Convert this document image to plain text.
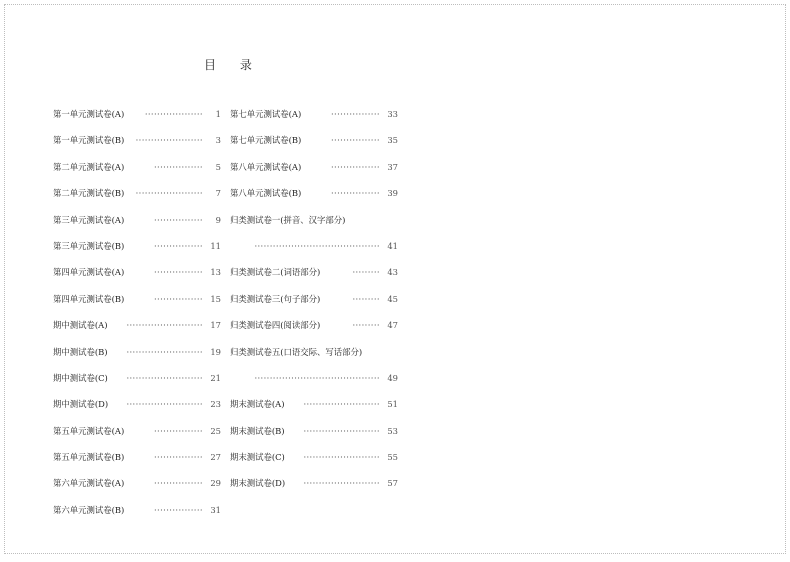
目 录
第一单元测试卷(A) ··················· 1
第一单元测试卷(B) ······················ 3
第二单元测试卷(A)	················ 5
第二单元测试卷(B) ······················ 7
第三单元测试卷(A)	················ 9
第三单元测试卷(B)	················ 11
第四单元测试卷(A)	················ 13
第四单元测试卷(B)	················ 15
期中测试卷(A) ························· 17
期中测试卷(B) ························· 19
期中测试卷(C) ························· 21
期中测试卷(D) ························· 23
第五单元测试卷(A)	················ 25
第五单元测试卷(B)	················ 27
第六单元测试卷(A)	················ 29
第六单元测试卷(B)	················ 31
第七单元测试卷(A)	················ 33
第七单元测试卷(B)	················ 35
第八单元测试卷(A)	················ 37
第八单元测试卷(B)	················ 39
归类测试卷一(拼音、汉字部分)
········································· 41
归类测试卷二(词语部分)	········· 43
归类测试卷三(句子部分)	········· 45
归类测试卷四(阅读部分)	········· 47
归类测试卷五(口语交际、写话部分)
········································· 49
期末测试卷(A) ························· 51
期末测试卷(B) ························· 53
期末测试卷(C) ························· 55
期末测试卷(D) ························· 57
